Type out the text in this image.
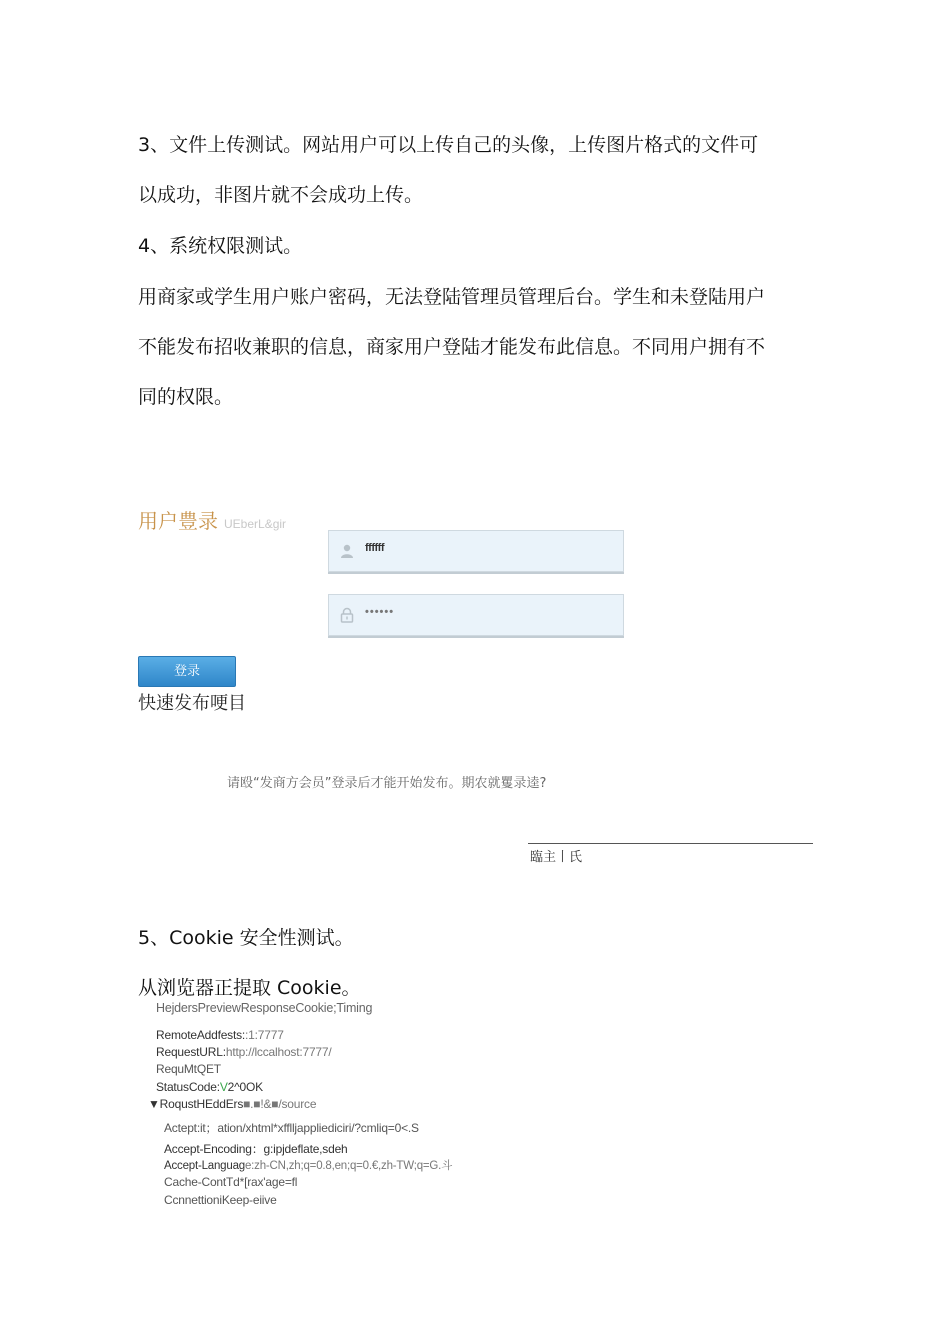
3、文件上传测试。网站用户可以上传自己的头像，上传图片格式的文件可
以成功，非图片就不会成功上传。
4、系统权限测试。
用商家或学生用户账户密码，无法登陆管理员管理后台。学生和未登陆用户
不能发布招收兼职的信息，商家用户登陆才能发布此信息。不同用户拥有不
同的权限。
用户豊录 UEberL&gir
ffffff
••••••
登录
快速发布哽目
请殴“发商方会员”登录后才能开始发布。期农就矍录逵?
臨主丨氏
5、Cookie 安全性测试。
从浏览器正提取 Cookie。
HejdersPreviewResponseCookie;Timing
RemoteAddfests::1:7777
RequestURL:http://lccalhost:7777/
RequMtQET
StatusCode:V2^0OK
▼RoqustHEddErs■.■!&■/source
Actept:it；ation/xhtml*xfflljappliediciri/?cmliq=0<.S
Accept-Encoding：g:ipjdeflate,sdeh
Accept-Language:zh-CN,zh;q=0.8,en;q=0.€,zh-TW;q=G.斗
Cache-ContTd*[rax'age=fl
CcnnettioniKeep-eiive
